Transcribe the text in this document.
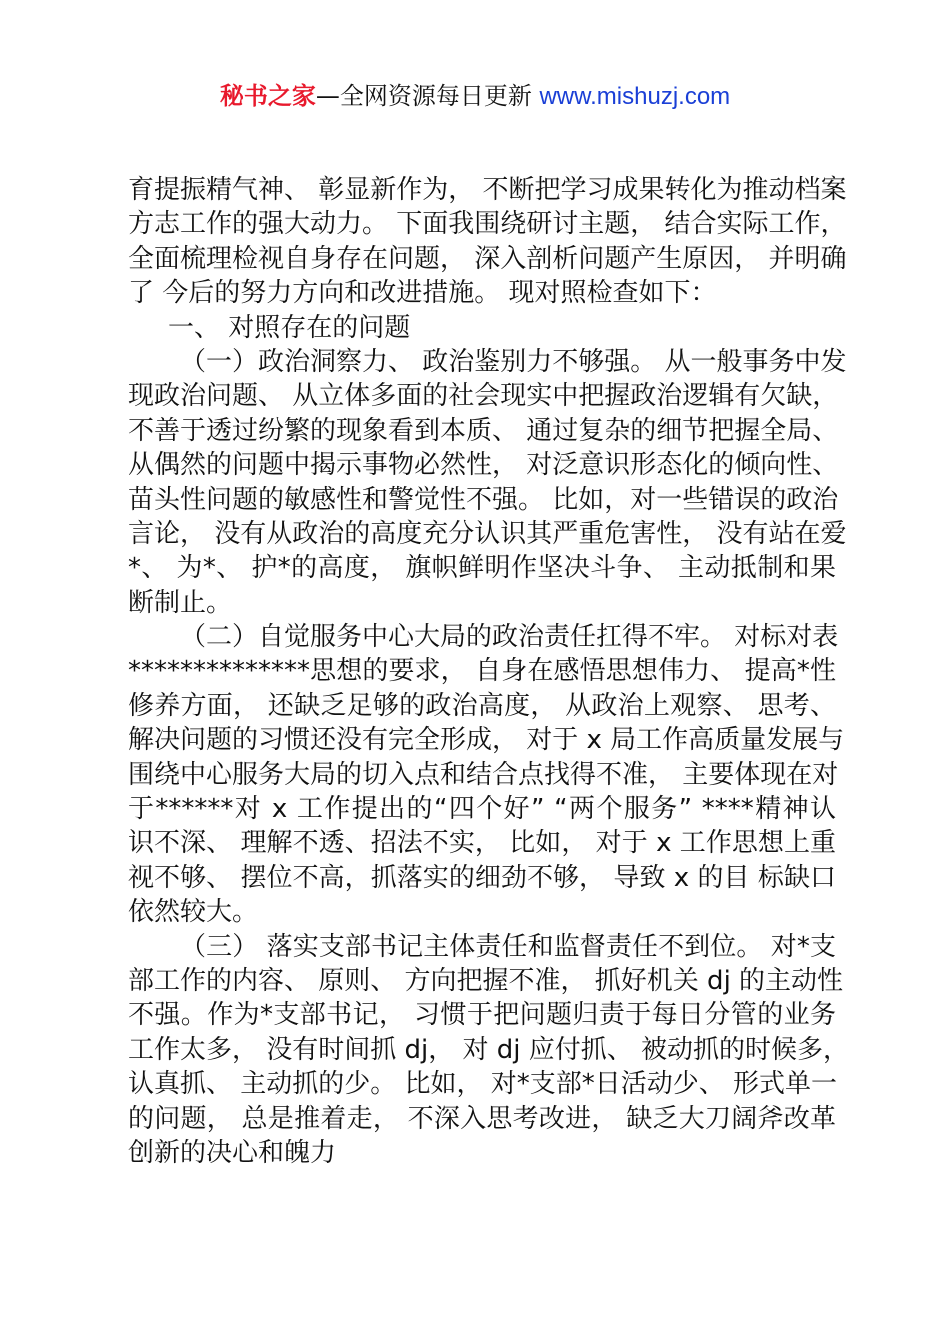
秘书之家—全网资源每日更新 www.mishuzj.com
育提振精气神、 彰显新作为， 不断把学习成果转化为推动档案
方志工作的强大动力。 下面我围绕研讨主题， 结合实际工作，
全面梳理检视自身存在问题， 深入剖析问题产生原因， 并明确
了 今后的努力方向和改进措施。 现对照检查如下：
一、 对照存在的问题
（一）政治洞察力、 政治鉴别力不够强。 从一般事务中发
现政治问题、 从立体多面的社会现实中把握政治逻辑有欠缺，
不善于透过纷繁的现象看到本质、 通过复杂的细节把握全局、
从偶然的问题中揭示事物必然性， 对泛意识形态化的倾向性、
苗头性问题的敏感性和警觉性不强。 比如，对一些错误的政治
言论， 没有从政治的高度充分认识其严重危害性， 没有站在爱
*、 为*、 护*的高度， 旗帜鲜明作坚决斗争、 主动抵制和果
断制止。
（二）自觉服务中心大局的政治责任扛得不牢。 对标对表
**************思想的要求， 自身在感悟思想伟力、 提高*性
修养方面， 还缺乏足够的政治高度， 从政治上观察、 思考、
解决问题的习惯还没有完全形成， 对于 x 局工作高质量发展与
围绕中心服务大局的切入点和结合点找得不准， 主要体现在对
于******对 x 工作提出的“四个好” “两个服务” ****精神认
识不深、 理解不透、招法不实， 比如， 对于 x 工作思想上重
视不够、 摆位不高，抓落实的细劲不够， 导致 x 的目 标缺口
依然较大。
（三） 落实支部书记主体责任和监督责任不到位。 对*支
部工作的内容、 原则、 方向把握不准， 抓好机关 dj 的主动性
不强。作为*支部书记， 习惯于把问题归责于每日分管的业务
工作太多， 没有时间抓 dj， 对 dj 应付抓、 被动抓的时候多，
认真抓、 主动抓的少。 比如， 对*支部*日活动少、 形式单一
的问题， 总是推着走， 不深入思考改进， 缺乏大刀阔斧改革
创新的决心和魄力
